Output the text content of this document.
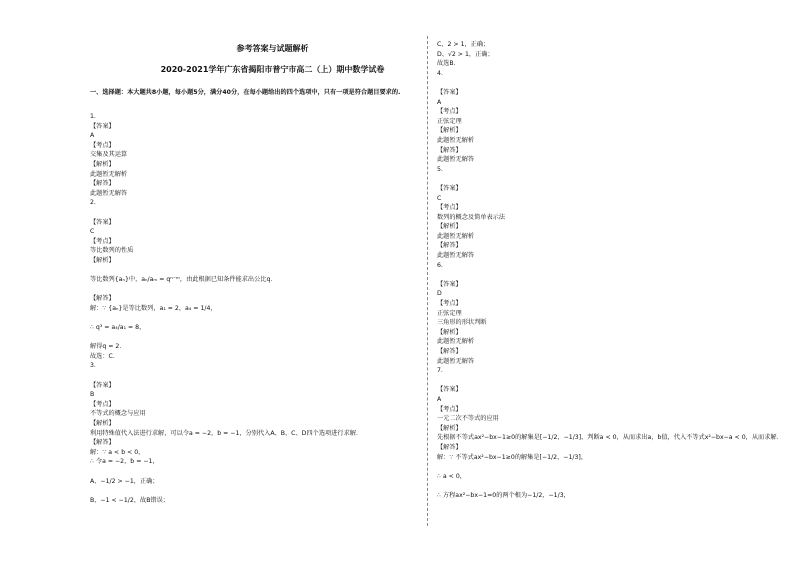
参考答案与试题解析
2020-2021学年广东省揭阳市普宁市高二（上）期中数学试卷
一、选择题：本大题共8小题，每小题5分，满分40分，在每小题给出的四个选项中，只有一项是符合题目要求的.
1.
【答案】
A
【考点】
交集及其运算
【解析】
此题暂无解析
【解答】
此题暂无解答
2.
【答案】
C
【考点】
等比数列的性质
【解析】
等比数列{aₙ}中，aₙ/aₘ = qⁿ⁻ᵐ，由此根据已知条件能求出公比q．
【解答】
解：∵ {aₙ}是等比数列，a₁ = 2，a₄ = 1/4，
∴ q³ = a₄/a₁ = 8，
解得q = 2．
故选：C．
3.
【答案】
B
【考点】
不等式的概念与应用
【解析】
利用特殊值代入法进行求解，可以令a = −2，b = −1，分别代入A、B、C、D四个选项进行求解．
【解答】
解：∵ a < b < 0，
∴ 令a = −2，b = −1，
A、−1/2 > −1，正确；
B、−1 < −1/2，故B错误；
C、2 > 1，正确；
D、√2 > 1，正确；
故选B．
4.
【答案】
A
【考点】
正弦定理
【解析】
此题暂无解析
【解答】
此题暂无解答
5.
【答案】
C
【考点】
数列的概念及简单表示法
【解析】
此题暂无解析
【解答】
此题暂无解答
6.
【答案】
D
【考点】
正弦定理
三角形的形状判断
【解析】
此题暂无解析
【解答】
此题暂无解答
7.
【答案】
A
【考点】
一元二次不等式的应用
【解析】
先根据不等式ax²−bx−1≥0的解集是[−1/2，−1/3]，判断a < 0，从而求出a，b值，代入不等式x²−bx−a < 0，从而求解．
【解答】
解：∵ 不等式ax²−bx−1≥0的解集是[−1/2，−1/3]，
∴ a < 0，
∴ 方程ax²−bx−1=0的两个根为−1/2，−1/3，
